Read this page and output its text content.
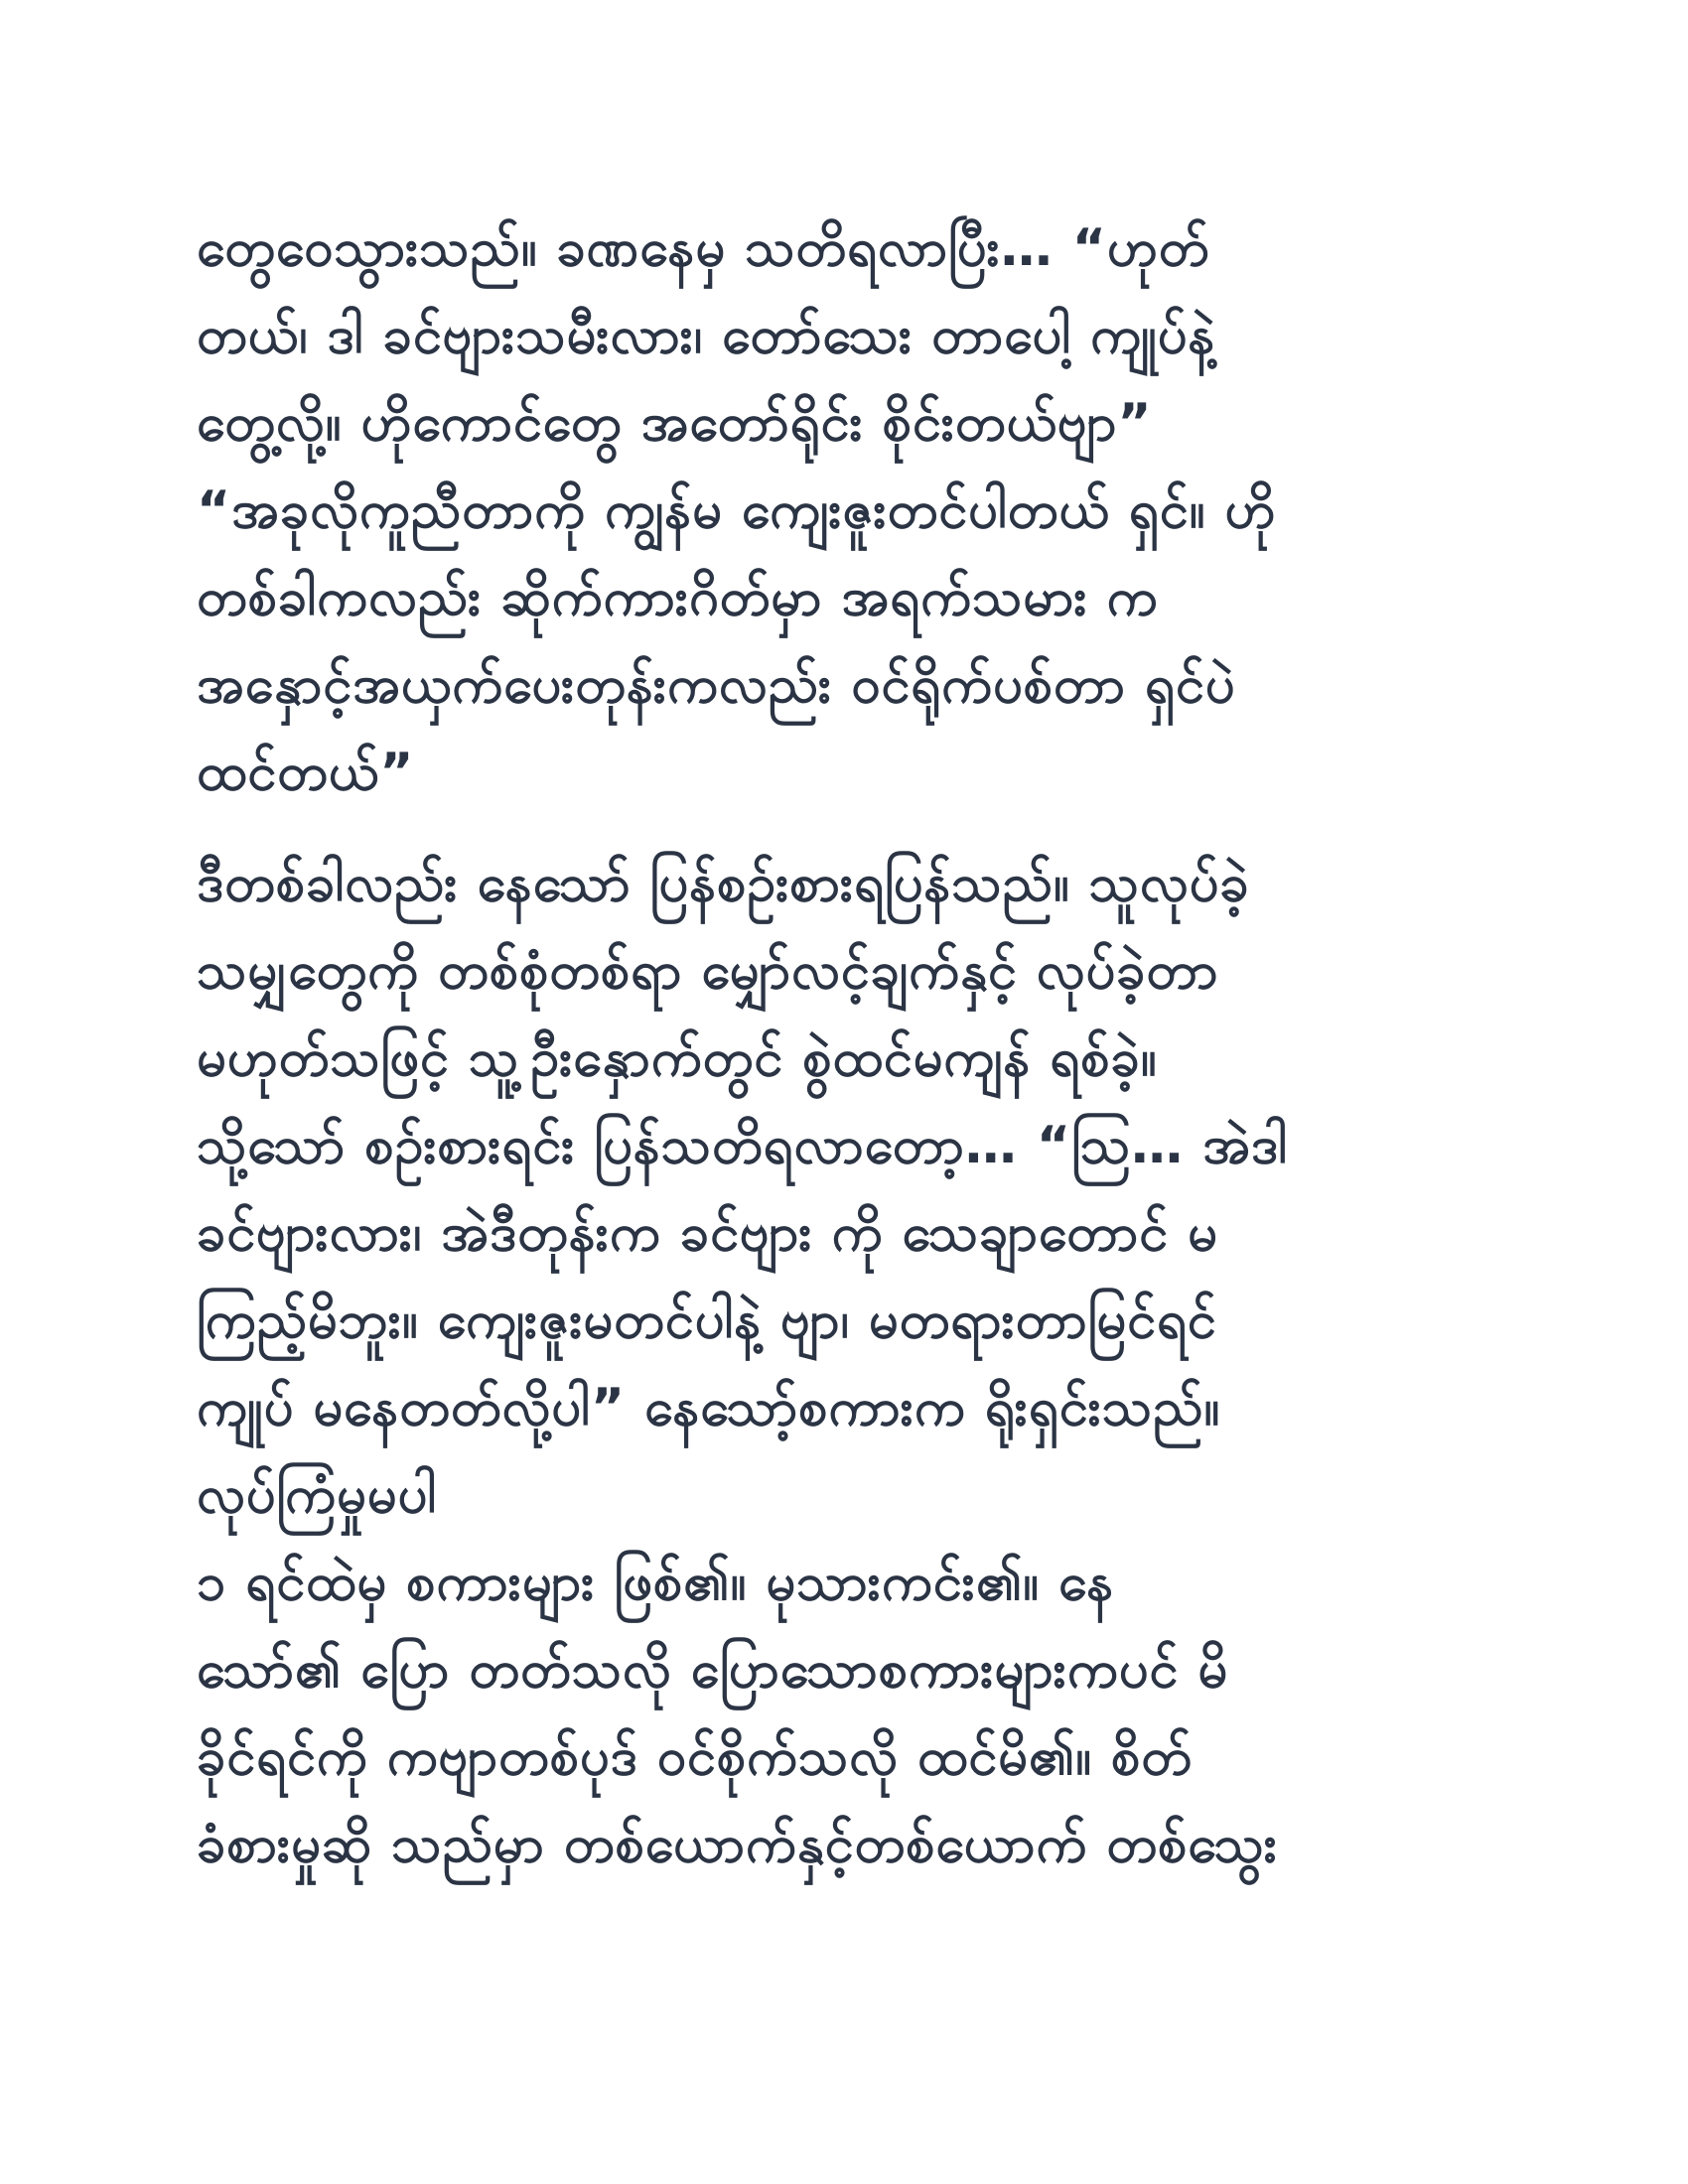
တွေဝေသွားသည်။ ခဏနေမှ သတိရလာပြီး… “ဟုတ်
တယ်၊ ဒါ ခင်ဗျားသမီးလား၊ တော်သေး တာပေါ့ ကျုပ်နဲ့
တွေ့လို့။ ဟိုကောင်တွေ အတော်ရိုင်း စိုင်းတယ်ဗျာ”
“အခုလိုကူညီတာကို ကျွန်မ ကျေးဇူးတင်ပါတယ် ရှင်။ ဟို
တစ်ခါကလည်း ဆိုက်ကားဂိတ်မှာ အရက်သမား က
အနှောင့်အယှက်ပေးတုန်းကလည်း ဝင်ရိုက်ပစ်တာ ရှင်ပဲ
ထင်တယ်”
ဒီတစ်ခါလည်း နေသော် ပြန်စဉ်းစားရပြန်သည်။ သူလုပ်ခဲ့
သမျှတွေကို တစ်စုံတစ်ရာ မျှော်လင့်ချက်နှင့် လုပ်ခဲ့တာ
မဟုတ်သဖြင့် သူ့ဦးနှောက်တွင် စွဲထင်မကျန် ရစ်ခဲ့။
သို့သော် စဉ်းစားရင်း ပြန်သတိရလာတော့… “ဩ… အဲဒါ
ခင်ဗျားလား၊ အဲဒီတုန်းက ခင်ဗျား ကို သေချာတောင် မ
ကြည့်မိဘူး။ ကျေးဇူးမတင်ပါနဲ့ ဗျာ၊ မတရားတာမြင်ရင်
ကျုပ် မနေတတ်လို့ပါ” နေသော့်စကားက ရိုးရှင်းသည်။
လုပ်ကြံမှုမပါ
၁ ရင်ထဲမှ စကားများ ဖြစ်၏။ မုသားကင်း၏။ နေ
သော်၏ ပြော တတ်သလို ပြောသောစကားများကပင် မိ
ခိုင်ရင်ကို ကဗျာတစ်ပုဒ် ဝင်စိုက်သလို ထင်မိ၏။ စိတ်
ခံစားမှုဆို သည်မှာ တစ်ယောက်နှင့်တစ်ယောက် တစ်သွေး
